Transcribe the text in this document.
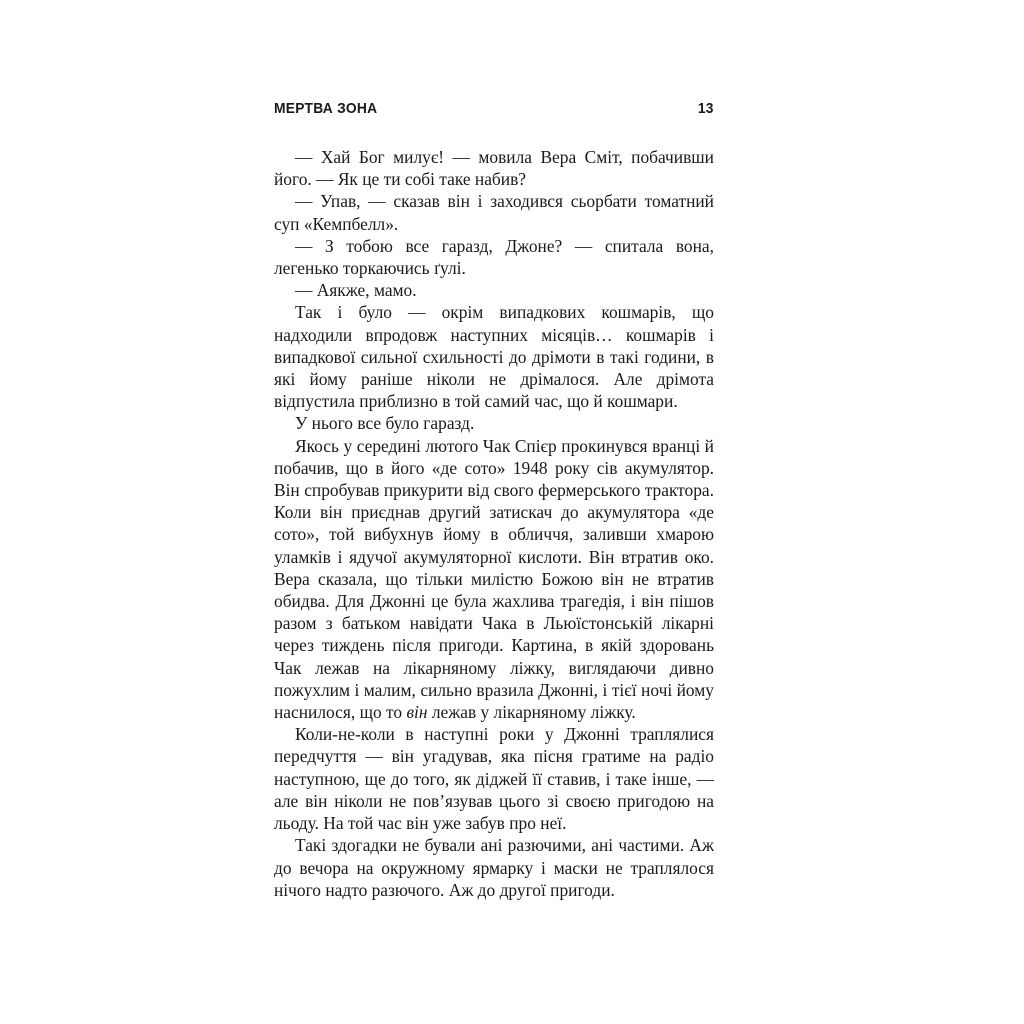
МЕРТВА ЗОНА	13

— Хай Бог милує! — мовила Вера Сміт, побачивши його. — Як це ти собі таке набив?

— Упав, — сказав він і заходився сьорбати томатний суп «Кемпбелл».

— З тобою все гаразд, Джоне? — спитала вона, легенько торкаючись ґулі.

— Аякже, мамо.

Так і було — окрім випадкових кошмарів, що надходили впродовж наступних місяців… кошмарів і випадкової сильної схильності до дрімоти в такі години, в які йому раніше ніколи не дрімалося. Але дрімота відпустила приблизно в той самий час, що й кошмари.

У нього все було гаразд.

Якось у середині лютого Чак Спієр прокинувся вранці й побачив, що в його «де сото» 1948 року сів акумулятор. Він спробував прикурити від свого фермерського трактора. Коли він приєднав другий затискач до акумулятора «де сото», той вибухнув йому в обличчя, заливши хмарою уламків і ядучої акумуляторної кислоти. Він втратив око. Вера сказала, що тільки милістю Божою він не втратив обидва. Для Джонні це була жахлива трагедія, і він пішов разом з батьком навідати Чака в Льюїстонській лікарні через тиждень після пригоди. Картина, в якій здоровань Чак лежав на лікарняному ліжку, виглядаючи дивно пожухлим і малим, сильно вразила Джонні, і тієї ночі йому наснилося, що то він лежав у лікарняному ліжку.

Коли-не-коли в наступні роки у Джонні траплялися передчуття — він угадував, яка пісня гратиме на радіо наступною, ще до того, як діджей її ставив, і таке інше, — але він ніколи не пов’язував цього зі своєю пригодою на льоду. На той час він уже забув про неї.

Такі здогадки не бували ані разючими, ані частими. Аж до вечора на окружному ярмарку і маски не траплялося нічого надто разючого. Аж до другої пригоди.
